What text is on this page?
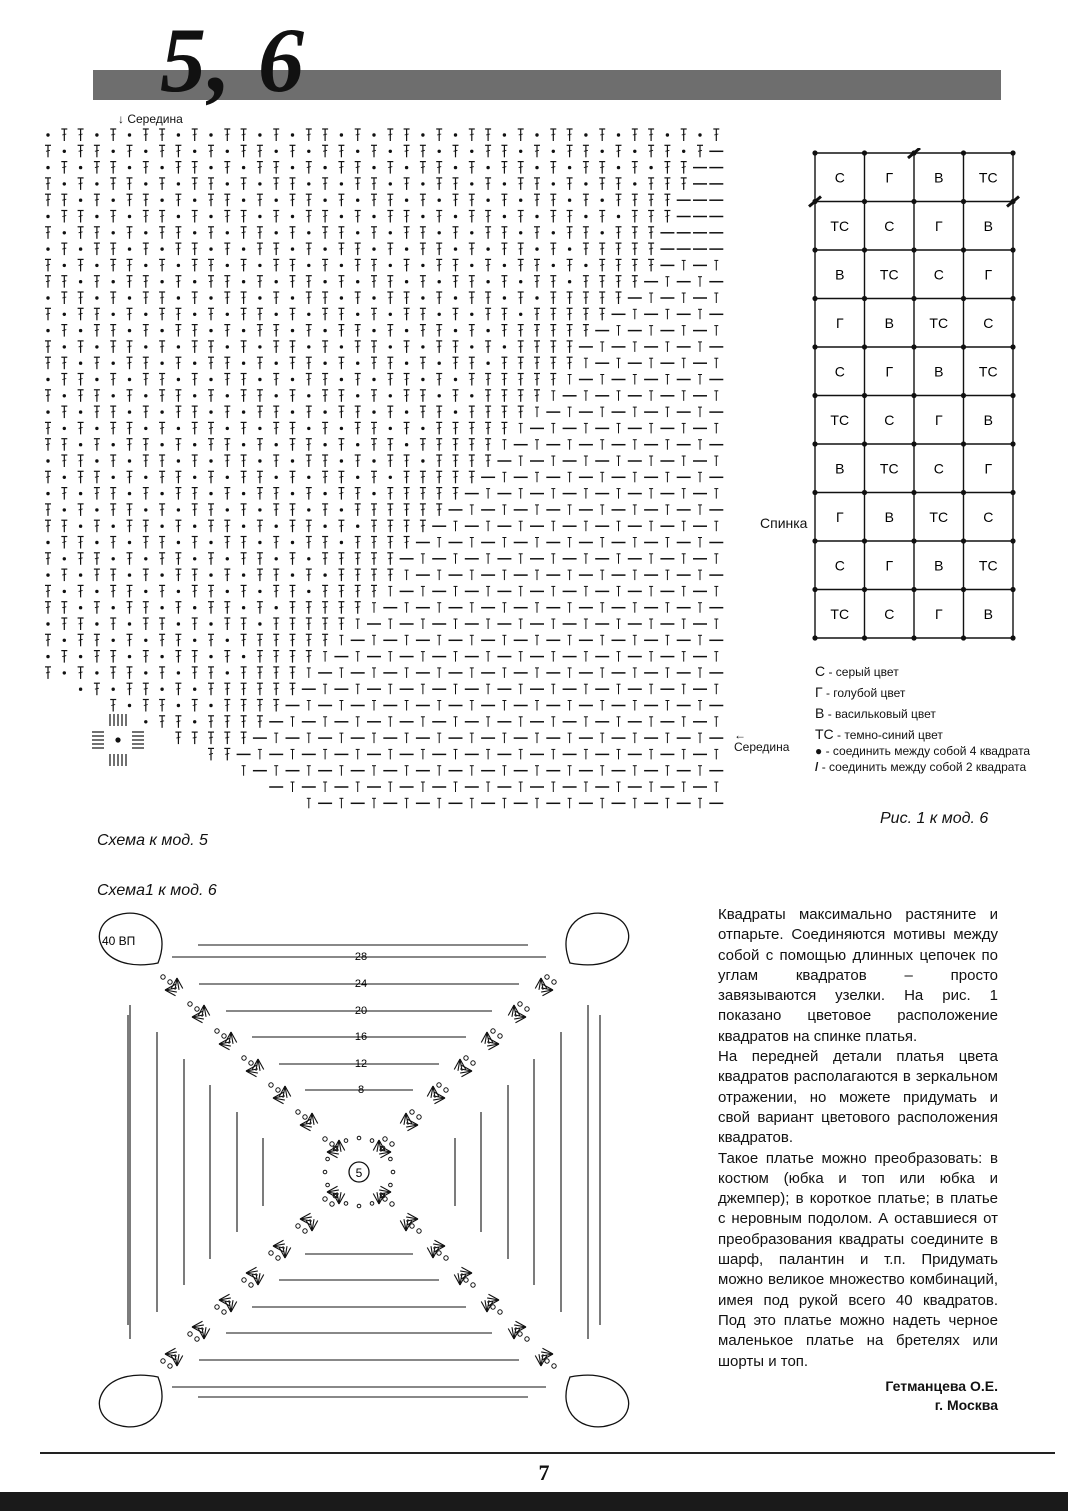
5, 6
↓ Середина
Середина
←
Схема к мод. 5
С	Г	В	ТС
ТС	С	Г	В
В	ТС	С	Г
Г	В	ТС	С
С	Г	В	ТС
ТС	С	Г	В
В	ТС	С	Г
Г	В	ТС	С
С	Г	В	ТС
ТС	С	Г	В
Спинка
С - серый цвет
Г - голубой цвет
В - васильковый цвет
ТС - темно-синий цвет
● - соединить между собой 4 квадрата
/ - соединить между собой 2 квадрата
Рис. 1 к мод. 6
Схема1 к мод. 6
40 ВП
5
28
24
20
16
12
8

Квадраты максимально растяните и отпарьте. Соединяются мотивы между собой с помощью длинных цепочек по углам квадратов – просто завязываются узелки. На рис. 1 показано цветовое расположение квадратов на спинке платья.

На передней детали платья цвета квадратов располагаются в зеркальном отражении, но можете придумать и свой вариант цветового расположения квадратов.

Такое платье можно преобразовать: в костюм (юбка и топ или юбка и джемпер); в короткое платье; в платье с неровным подолом. А оставшиеся от преобразования квадраты соедините в шарф, палантин и т.п. Придумать можно великое множество комбинаций, имея под рукой всего 40 квадратов. Под это платье можно надеть черное маленькое платье на бретелях или шорты и топ.

Гетманцева О.Е.
г. Москва
7
